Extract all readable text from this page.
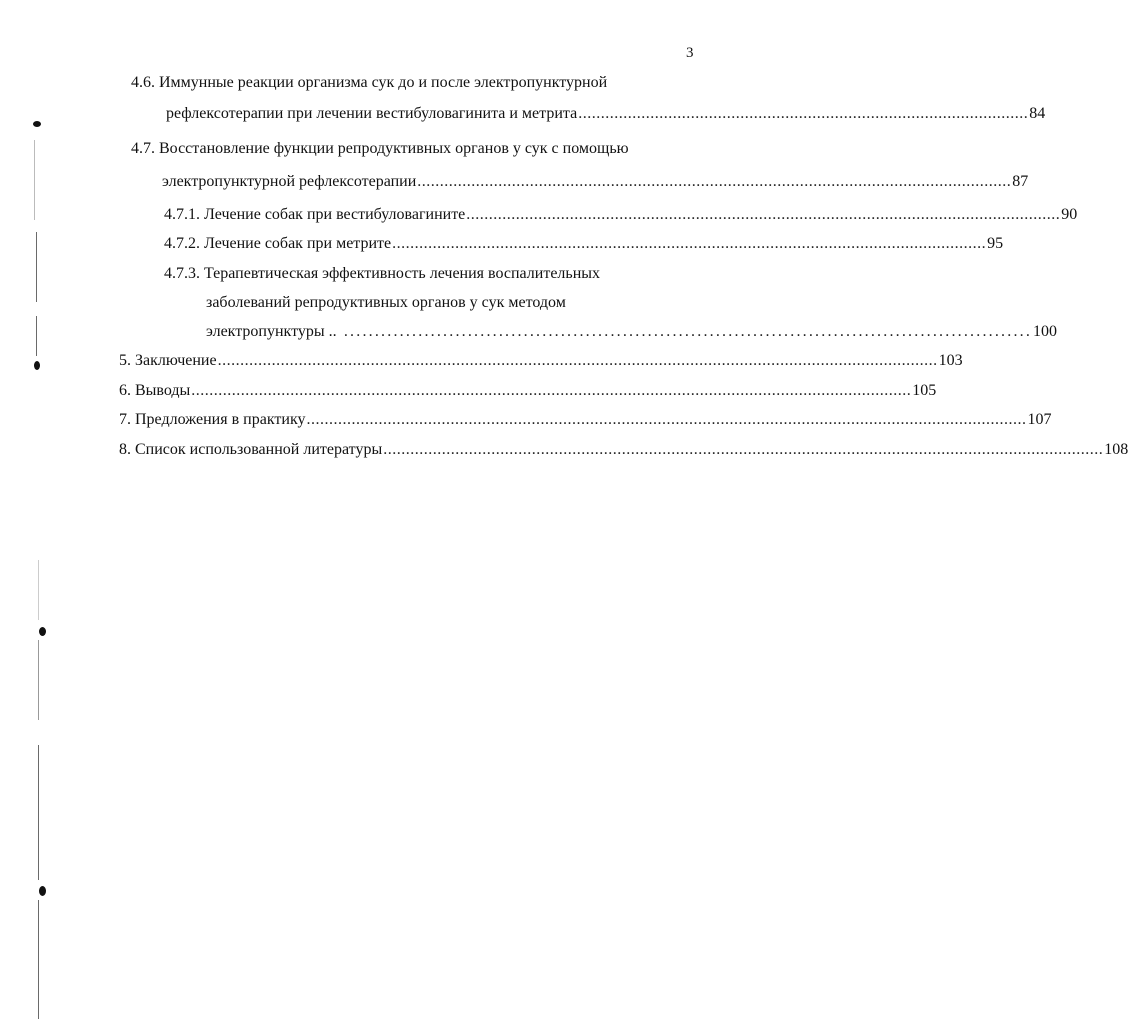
3
4.6. Иммунные реакции организма сук до и после электропунктурной
рефлексотерапии при лечении вестибуловагинита и метрита .................................................................................................... 84
4.7. Восстановление функции репродуктивных органов у сук с помощью
электропунктурной рефлексотерапии .................................................................................................................................... 87
4.7.1. Лечение собак при вестибуловагините .................................................................................................................................... 90
4.7.2. Лечение собак при метрите .................................................................................................................................... 95
4.7.3. Терапевтическая эффективность лечения воспалительных
заболеваний репродуктивных органов у сук методом
электропунктуры .. ............................................................................................................... 100
5. Заключение ................................................................................................................................................................ 103
6. Выводы ................................................................................................................................................................ 105
7. Предложения в практику ................................................................................................................................................................ 107
8. Список использованной литературы ................................................................................................................................................................ 108
